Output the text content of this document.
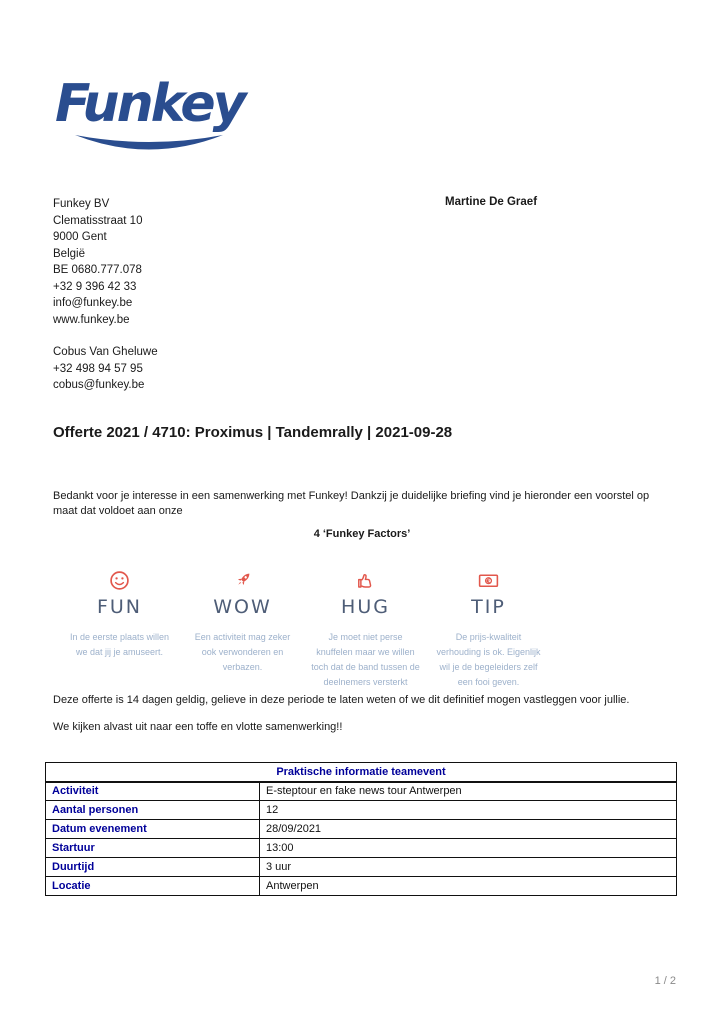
Funkey
Funkey BV
Clematisstraat 10
9000 Gent
België
BE 0680.777.078
+32 9 396 42 33
info@funkey.be
www.funkey.be
Cobus Van Gheluwe
+32 498 94 57 95
cobus@funkey.be
Martine De Graef
Offerte 2021 / 4710: Proximus | Tandemrally | 2021-09-28
Bedankt voor je interesse in een samenwerking met Funkey! Dankzij je duidelijke briefing vind je hieronder een voorstel op maat dat voldoet aan onze
4 ‘Funkey Factors’
FUN
In de eerste plaats willen we dat jij je amuseert.
WOW
Een activiteit mag zeker ook verwonderen en verbazen.
HUG
Je moet niet perse knuffelen maar we willen toch dat de band tussen de deelnemers versterkt
€
TIP
De prijs-kwaliteit verhouding is ok. Eigenlijk wil je de begeleiders zelf een fooi geven.
Deze offerte is 14 dagen geldig, gelieve in deze periode te laten weten of we dit definitief mogen vastleggen voor jullie.
We kijken alvast uit naar een toffe en vlotte samenwerking!!
Praktische informatie teamevent	
Activiteit	E-steptour en fake news tour Antwerpen
Aantal personen	12
Datum evenement	28/09/2021
Startuur	13:00
Duurtijd	3 uur
Locatie	Antwerpen
1 / 2
